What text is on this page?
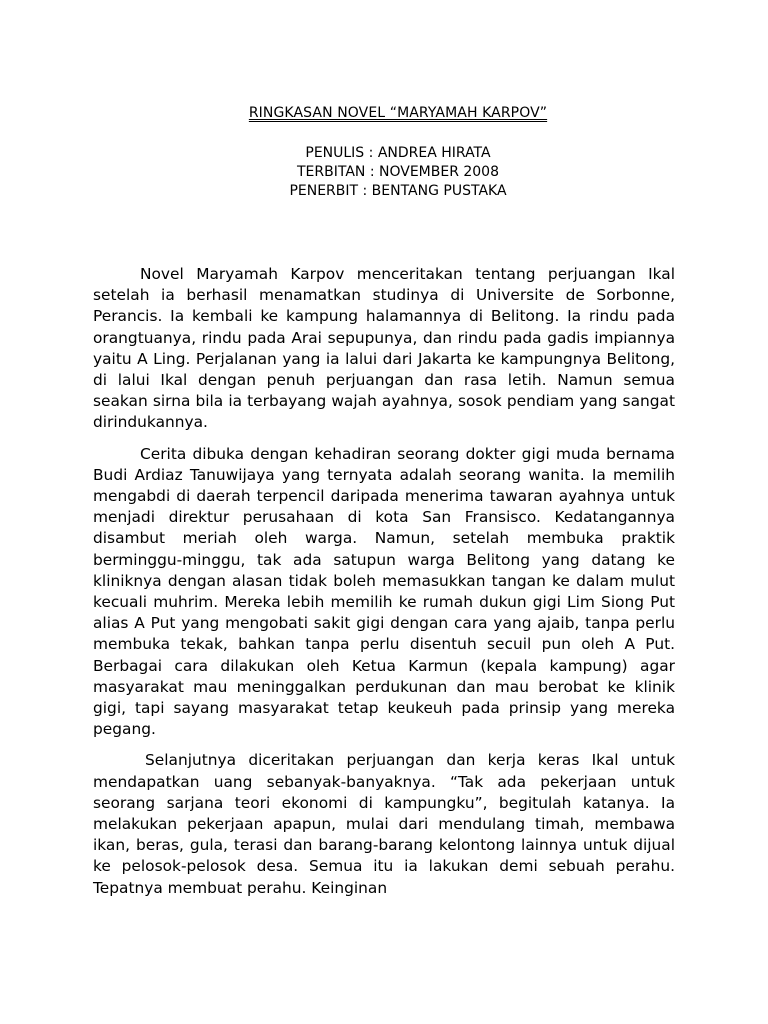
RINGKASAN NOVEL “MARYAMAH KARPOV”
PENULIS : ANDREA HIRATA
TERBITAN : NOVEMBER 2008
PENERBIT : BENTANG PUSTAKA

Novel Maryamah Karpov menceritakan tentang perjuangan Ikal setelah ia berhasil menamatkan studinya di Universite de Sorbonne, Perancis. Ia kembali ke kampung halamannya di Belitong. Ia rindu pada orangtuanya, rindu pada Arai sepupunya, dan rindu pada gadis impiannya yaitu A Ling. Perjalanan yang ia lalui dari Jakarta ke kampungnya Belitong, di lalui Ikal dengan penuh perjuangan dan rasa letih. Namun semua seakan sirna bila ia terbayang wajah ayahnya, sosok pendiam yang sangat dirindukannya.

Cerita dibuka dengan kehadiran seorang dokter gigi muda bernama Budi Ardiaz Tanuwijaya yang ternyata adalah seorang wanita. Ia memilih mengabdi di daerah terpencil daripada menerima tawaran ayahnya untuk menjadi direktur perusahaan di kota San Fransisco. Kedatangannya disambut meriah oleh warga. Namun, setelah membuka praktik berminggu-minggu, tak ada satupun warga Belitong yang datang ke kliniknya dengan alasan tidak boleh memasukkan tangan ke dalam mulut kecuali muhrim. Mereka lebih memilih ke rumah dukun gigi Lim Siong Put alias A Put yang mengobati sakit gigi dengan cara yang ajaib, tanpa perlu membuka tekak, bahkan tanpa perlu disentuh secuil pun oleh A Put. Berbagai cara dilakukan oleh Ketua Karmun (kepala kampung) agar masyarakat mau meninggalkan perdukunan dan mau berobat ke klinik gigi, tapi sayang masyarakat tetap keukeuh pada prinsip yang mereka pegang.

Selanjutnya diceritakan perjuangan dan kerja keras Ikal untuk mendapatkan uang sebanyak-banyaknya. “Tak ada pekerjaan untuk seorang sarjana teori ekonomi di kampungku”, begitulah katanya. Ia melakukan pekerjaan apapun, mulai dari mendulang timah, membawa ikan, beras, gula, terasi dan barang-barang kelontong lainnya untuk dijual ke pelosok-pelosok desa. Semua itu ia lakukan demi sebuah perahu. Tepatnya membuat perahu. Keinginan
